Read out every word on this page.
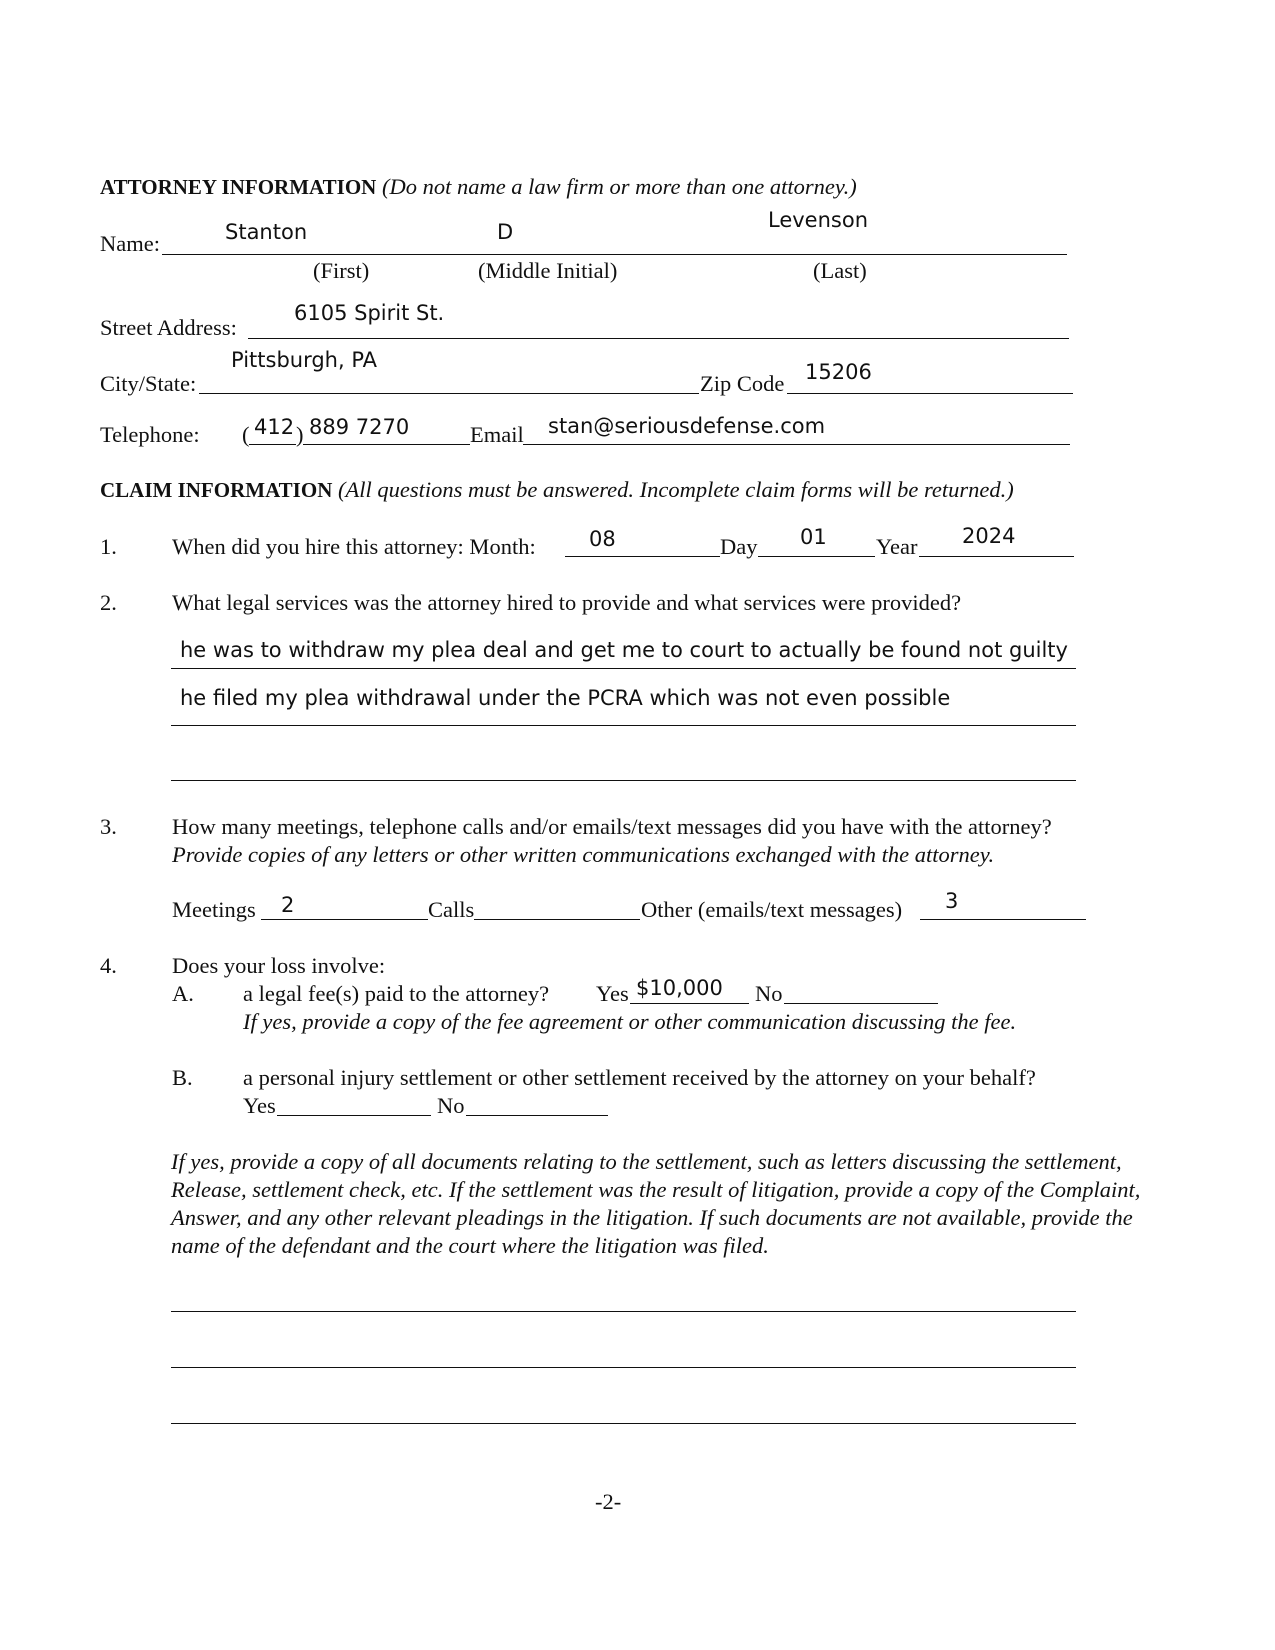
ATTORNEY INFORMATION (Do not name a law firm or more than one attorney.)
Name:	Stanton	D	Levenson
(First)	(Middle Initial)	(Last)
Street Address:
6105 Spirit St.
City/State:
Pittsburgh, PA
Zip Code 15206
Telephone: ( 412 ) 889 7270	Email stan@seriousdefense.com
CLAIM INFORMATION (All questions must be answered. Incomplete claim forms will be returned.)
1. When did you hire this attorney: Month:	08	Day 01 Year 2024
2. What legal services was the attorney hired to provide and what services were provided?
he was to withdraw my plea deal and get me to court to actually be found not guilty
he filed my plea withdrawal under the PCRA which was not even possible
3. How many meetings, telephone calls and/or emails/text messages did you have with the attorney?
Provide copies of any letters or other written communications exchanged with the attorney.
Meetings 2	Calls	Other (emails/text messages) 3
4. Does your loss involve:
A. a legal fee(s) paid to the attorney? Yes $10,000 No
If yes, provide a copy of the fee agreement or other communication discussing the fee.
B. a personal injury settlement or other settlement received by the attorney on your behalf?
Yes	No
If yes, provide a copy of all documents relating to the settlement, such as letters discussing the settlement,
Release, settlement check, etc. If the settlement was the result of litigation, provide a copy of the Complaint,
Answer, and any other relevant pleadings in the litigation. If such documents are not available, provide the
name of the defendant and the court where the litigation was filed.
-2-
